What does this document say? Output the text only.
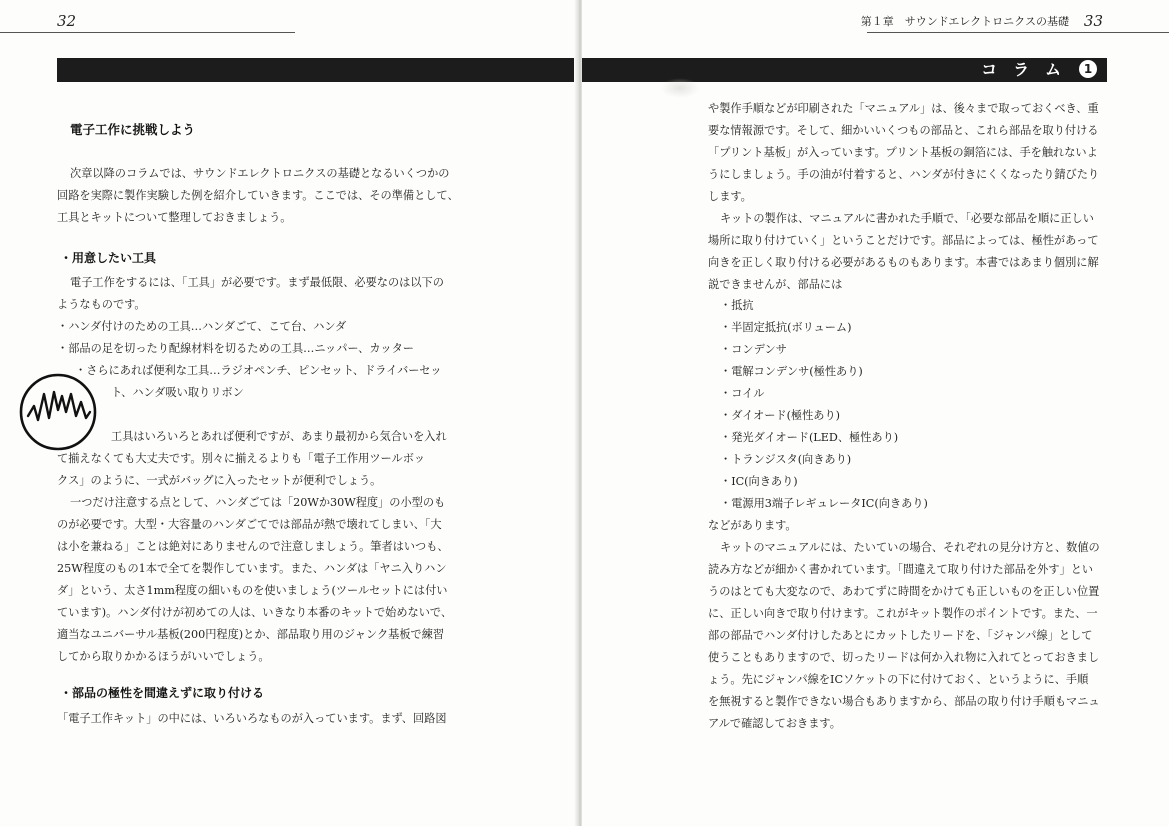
32
電子工作に挑戦しよう
次章以降のコラムでは、サウンドエレクトロニクスの基礎となるいくつかの
回路を実際に製作実験した例を紹介していきます。ここでは、その準備として、
工具とキットについて整理しておきましょう。
・用意したい工具
電子工作をするには、「工具」が必要です。まず最低限、必要なのは以下の
ようなものです。
・ハンダ付けのための工具…ハンダごて、こて台、ハンダ
・部品の足を切ったり配線材料を切るための工具…ニッパー、カッター
・さらにあれば便利な工具…ラジオペンチ、ピンセット、ドライバーセッ
ト、ハンダ吸い取りリボン
工具はいろいろとあれば便利ですが、あまり最初から気合いを入れ
て揃えなくても大丈夫です。別々に揃えるよりも「電子工作用ツールボッ
クス」のように、一式がバッグに入ったセットが便利でしょう。
一つだけ注意する点として、ハンダごては「20Wか30W程度」の小型のも
のが必要です。大型・大容量のハンダごてでは部品が熱で壊れてしまい、「大
は小を兼ねる」ことは絶対にありませんので注意しましょう。筆者はいつも、
25W程度のもの1本で全てを製作しています。また、ハンダは「ヤニ入りハン
ダ」という、太さ1mm程度の細いものを使いましょう(ツールセットには付い
ています)。ハンダ付けが初めての人は、いきなり本番のキットで始めないで、
適当なユニバーサル基板(200円程度)とか、部品取り用のジャンク基板で練習
してから取りかかるほうがいいでしょう。
・部品の極性を間違えずに取り付ける
「電子工作キット」の中には、いろいろなものが入っています。まず、回路図
第１章　サウンドエレクトロニクスの基礎 33
コラム 1
や製作手順などが印刷された「マニュアル」は、後々まで取っておくべき、重
要な情報源です。そして、細かいいくつもの部品と、これら部品を取り付ける
「プリント基板」が入っています。プリント基板の銅箔には、手を触れないよ
うにしましょう。手の油が付着すると、ハンダが付きにくくなったり錆びたり
します。
キットの製作は、マニュアルに書かれた手順で、「必要な部品を順に正しい
場所に取り付けていく」ということだけです。部品によっては、極性があって
向きを正しく取り付ける必要があるものもあります。本書ではあまり個別に解
説できませんが、部品には
・抵抗
・半固定抵抗(ボリューム)
・コンデンサ
・電解コンデンサ(極性あり)
・コイル
・ダイオード(極性あり)
・発光ダイオード(LED、極性あり)
・トランジスタ(向きあり)
・IC(向きあり)
・電源用3端子レギュレータIC(向きあり)
などがあります。
キットのマニュアルには、たいていの場合、それぞれの見分け方と、数値の
読み方などが細かく書かれています。「間違えて取り付けた部品を外す」とい
うのはとても大変なので、あわてずに時間をかけても正しいものを正しい位置
に、正しい向きで取り付けます。これがキット製作のポイントです。また、一
部の部品でハンダ付けしたあとにカットしたリードを、「ジャンパ線」として
使うこともありますので、切ったリードは何か入れ物に入れてとっておきまし
ょう。先にジャンパ線をICソケットの下に付けておく、というように、手順
を無視すると製作できない場合もありますから、部品の取り付け手順もマニュ
アルで確認しておきます。
